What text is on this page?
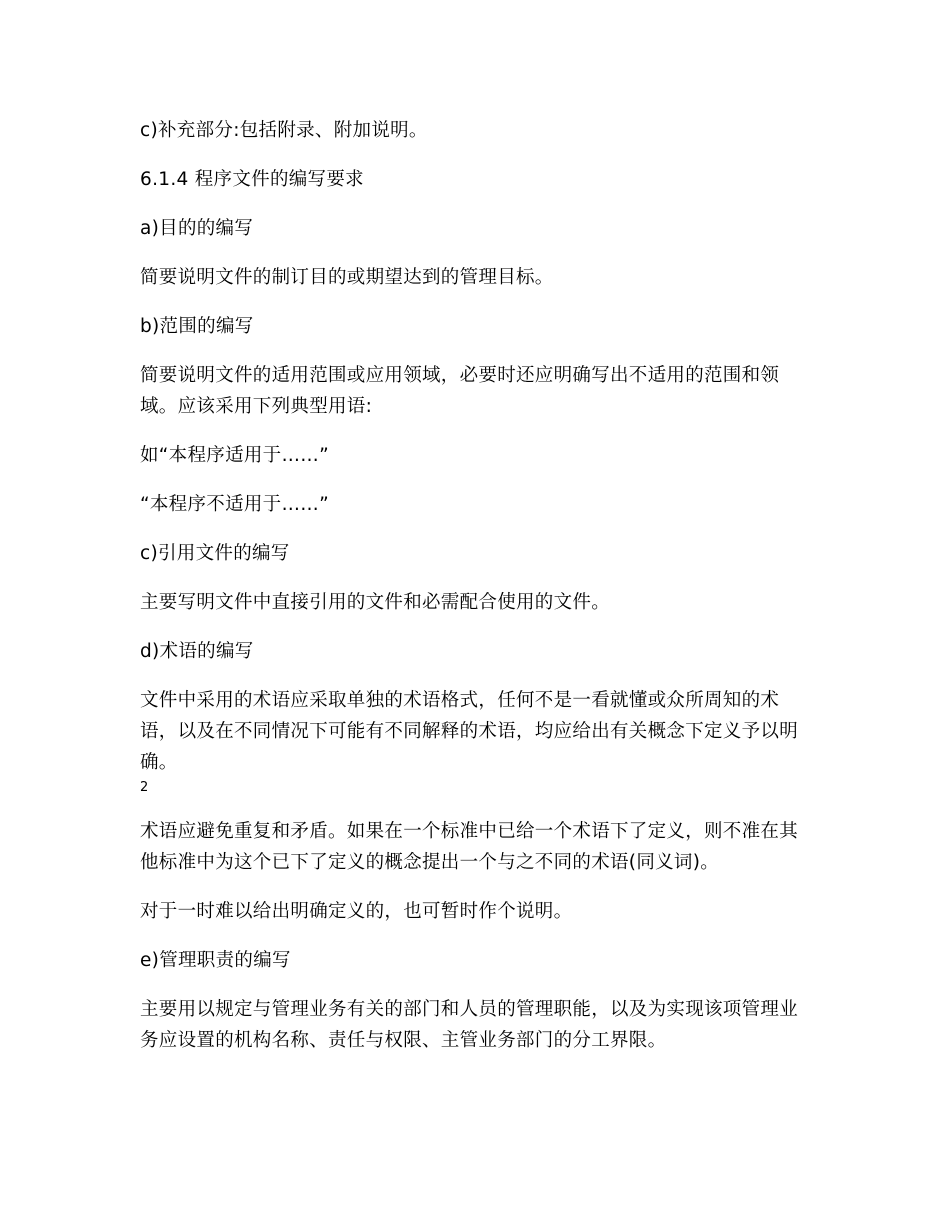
c)补充部分:包括附录、附加说明。

6.1.4 程序文件的编写要求

a)目的的编写

简要说明文件的制订目的或期望达到的管理目标。

b)范围的编写

简要说明文件的适用范围或应用领域，必要时还应明确写出不适用的范围和领域。应该采用下列典型用语:

如“本程序适用于……”

“本程序不适用于……”

c)引用文件的编写

主要写明文件中直接引用的文件和必需配合使用的文件。

d)术语的编写

文件中采用的术语应采取单独的术语格式，任何不是一看就懂或众所周知的术语，以及在不同情况下可能有不同解释的术语，均应给出有关概念下定义予以明确。

2

术语应避免重复和矛盾。如果在一个标准中已给一个术语下了定义，则不准在其他标准中为这个已下了定义的概念提出一个与之不同的术语(同义词)。

对于一时难以给出明确定义的，也可暂时作个说明。

e)管理职责的编写

主要用以规定与管理业务有关的部门和人员的管理职能，以及为实现该项管理业务应设置的机构名称、责任与权限、主管业务部门的分工界限。
